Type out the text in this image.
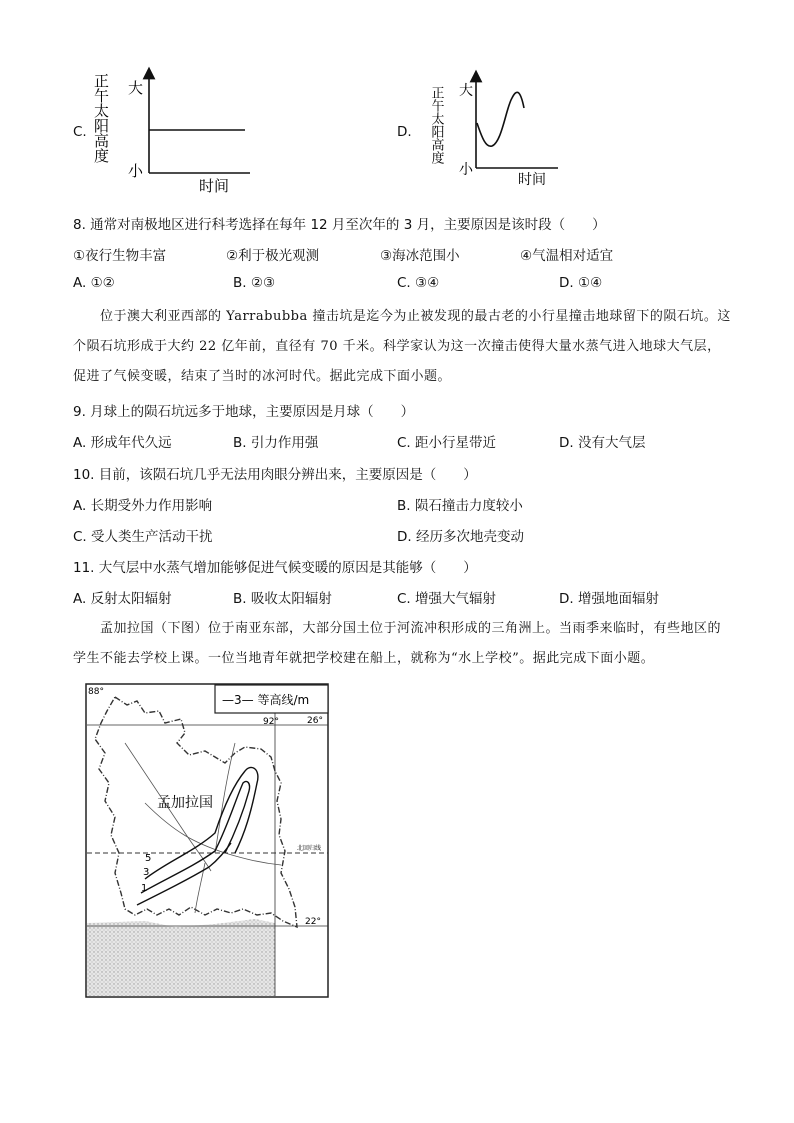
C. 正午太阳高度 大
小
时间
D. 正午太阳高度 大
小
时间
8. 通常对南极地区进行科考选择在每年 12 月至次年的 3 月，主要原因是该时段（　　）
①夜行生物丰富	②利于极光观测	③海冰范围小	④气温相对适宜
A. ①②	B. ②③	C. ③④	D. ①④

位于澳大利亚西部的 Yarrabubba 撞击坑是迄今为止被发现的最古老的小行星撞击地球留下的陨石坑。这个陨石坑形成于大约 22 亿年前，直径有 70 千米。科学家认为这一次撞击使得大量水蒸气进入地球大气层，促进了气候变暖，结束了当时的冰河时代。据此完成下面小题。

9. 月球上的陨石坑远多于地球，主要原因是月球（　　）
A. 形成年代久远	B. 引力作用强	C. 距小行星带近	D. 没有大气层
10. 目前，该陨石坑几乎无法用肉眼分辨出来，主要原因是（　　）
A. 长期受外力作用影响	B. 陨石撞击力度较小
C. 受人类生产活动干扰	D. 经历多次地壳变动
11. 大气层中水蒸气增加能够促进气候变暖的原因是其能够（　　）
A. 反射太阳辐射	B. 吸收太阳辐射	C. 增强大气辐射	D. 增强地面辐射

孟加拉国（下图）位于南亚东部，大部分国土位于河流冲积形成的三角洲上。当雨季来临时，有些地区的学生不能去学校上课。一位当地青年就把学校建在船上，就称为“水上学校”。据此完成下面小题。

5
3
1
—3— 等高线/m
孟加拉国
88°
92°	26°
22°
北回归线
